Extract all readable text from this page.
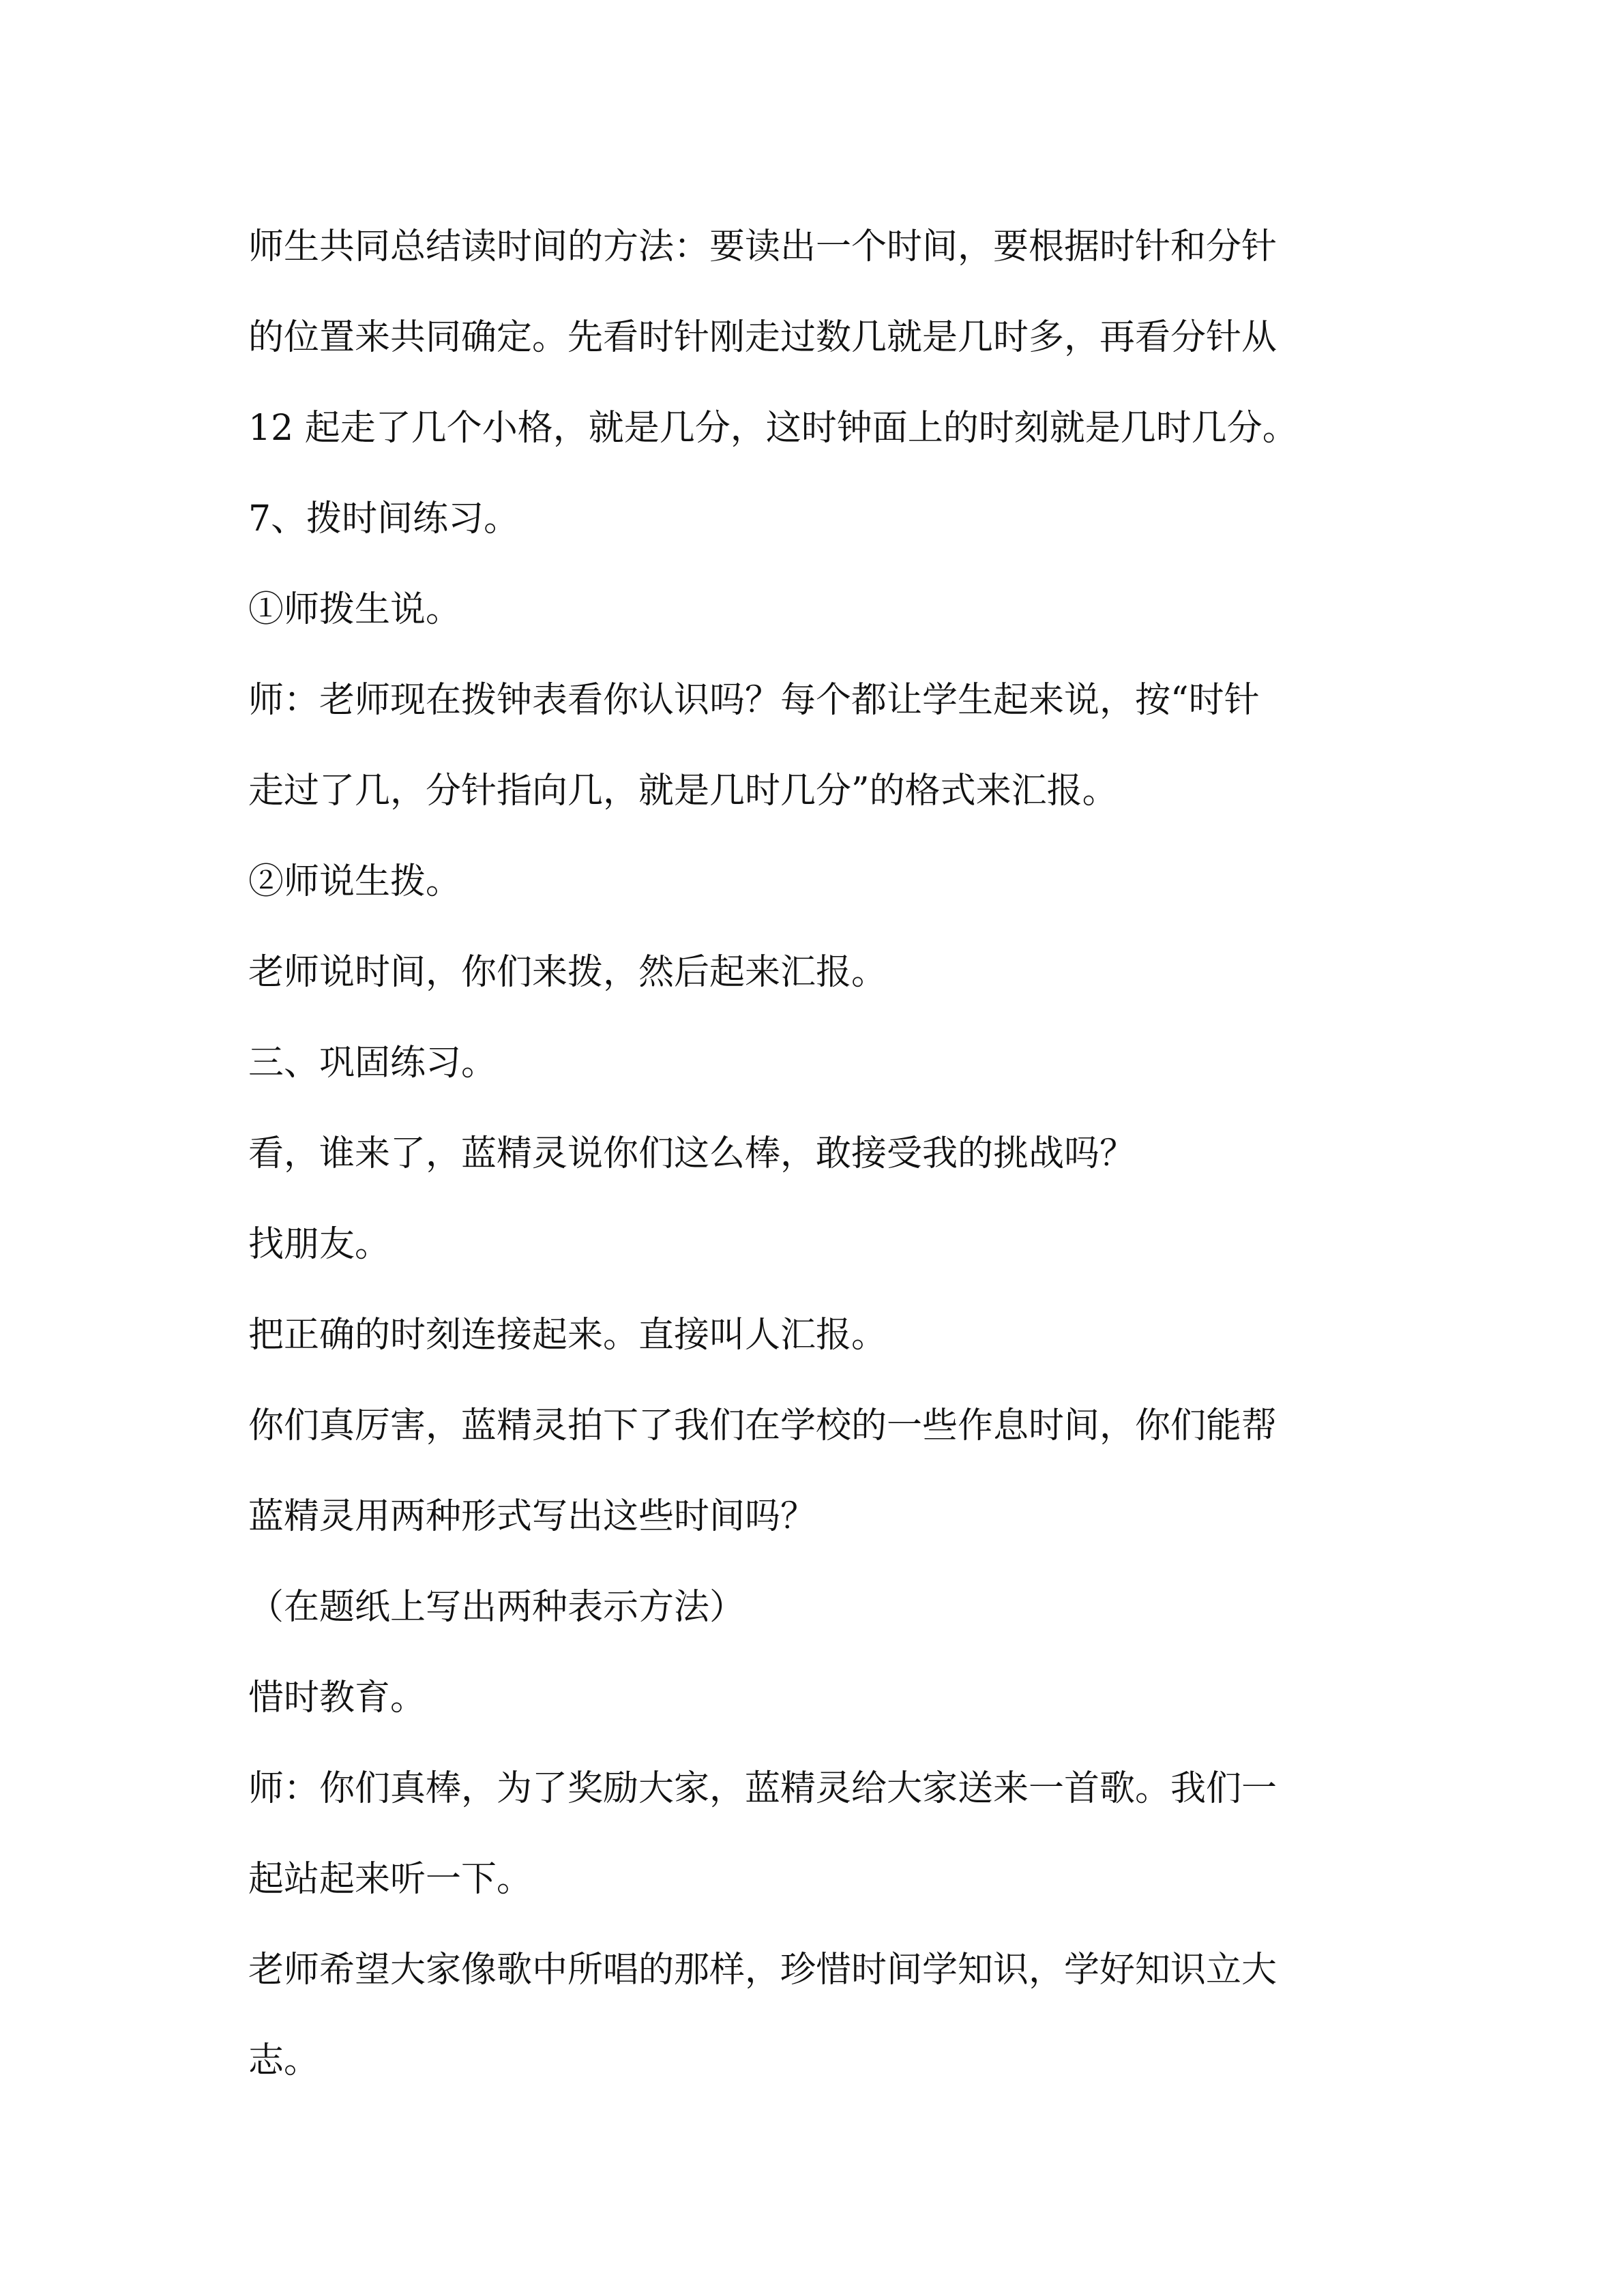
师生共同总结读时间的方法：要读出一个时间，要根据时针和分针
的位置来共同确定。先看时针刚走过数几就是几时多，再看分针从
12 起走了几个小格，就是几分，这时钟面上的时刻就是几时几分。
7、拨时间练习。
①师拨生说。
师：老师现在拨钟表看你认识吗？每个都让学生起来说，按“时针
走过了几，分针指向几，就是几时几分”的格式来汇报。
②师说生拨。
老师说时间，你们来拨，然后起来汇报。
三、巩固练习。
看，谁来了，蓝精灵说你们这么棒，敢接受我的挑战吗？
找朋友。
把正确的时刻连接起来。直接叫人汇报。
你们真厉害，蓝精灵拍下了我们在学校的一些作息时间，你们能帮
蓝精灵用两种形式写出这些时间吗？
（在题纸上写出两种表示方法）
惜时教育。
师：你们真棒，为了奖励大家，蓝精灵给大家送来一首歌。我们一
起站起来听一下。
老师希望大家像歌中所唱的那样，珍惜时间学知识，学好知识立大
志。
